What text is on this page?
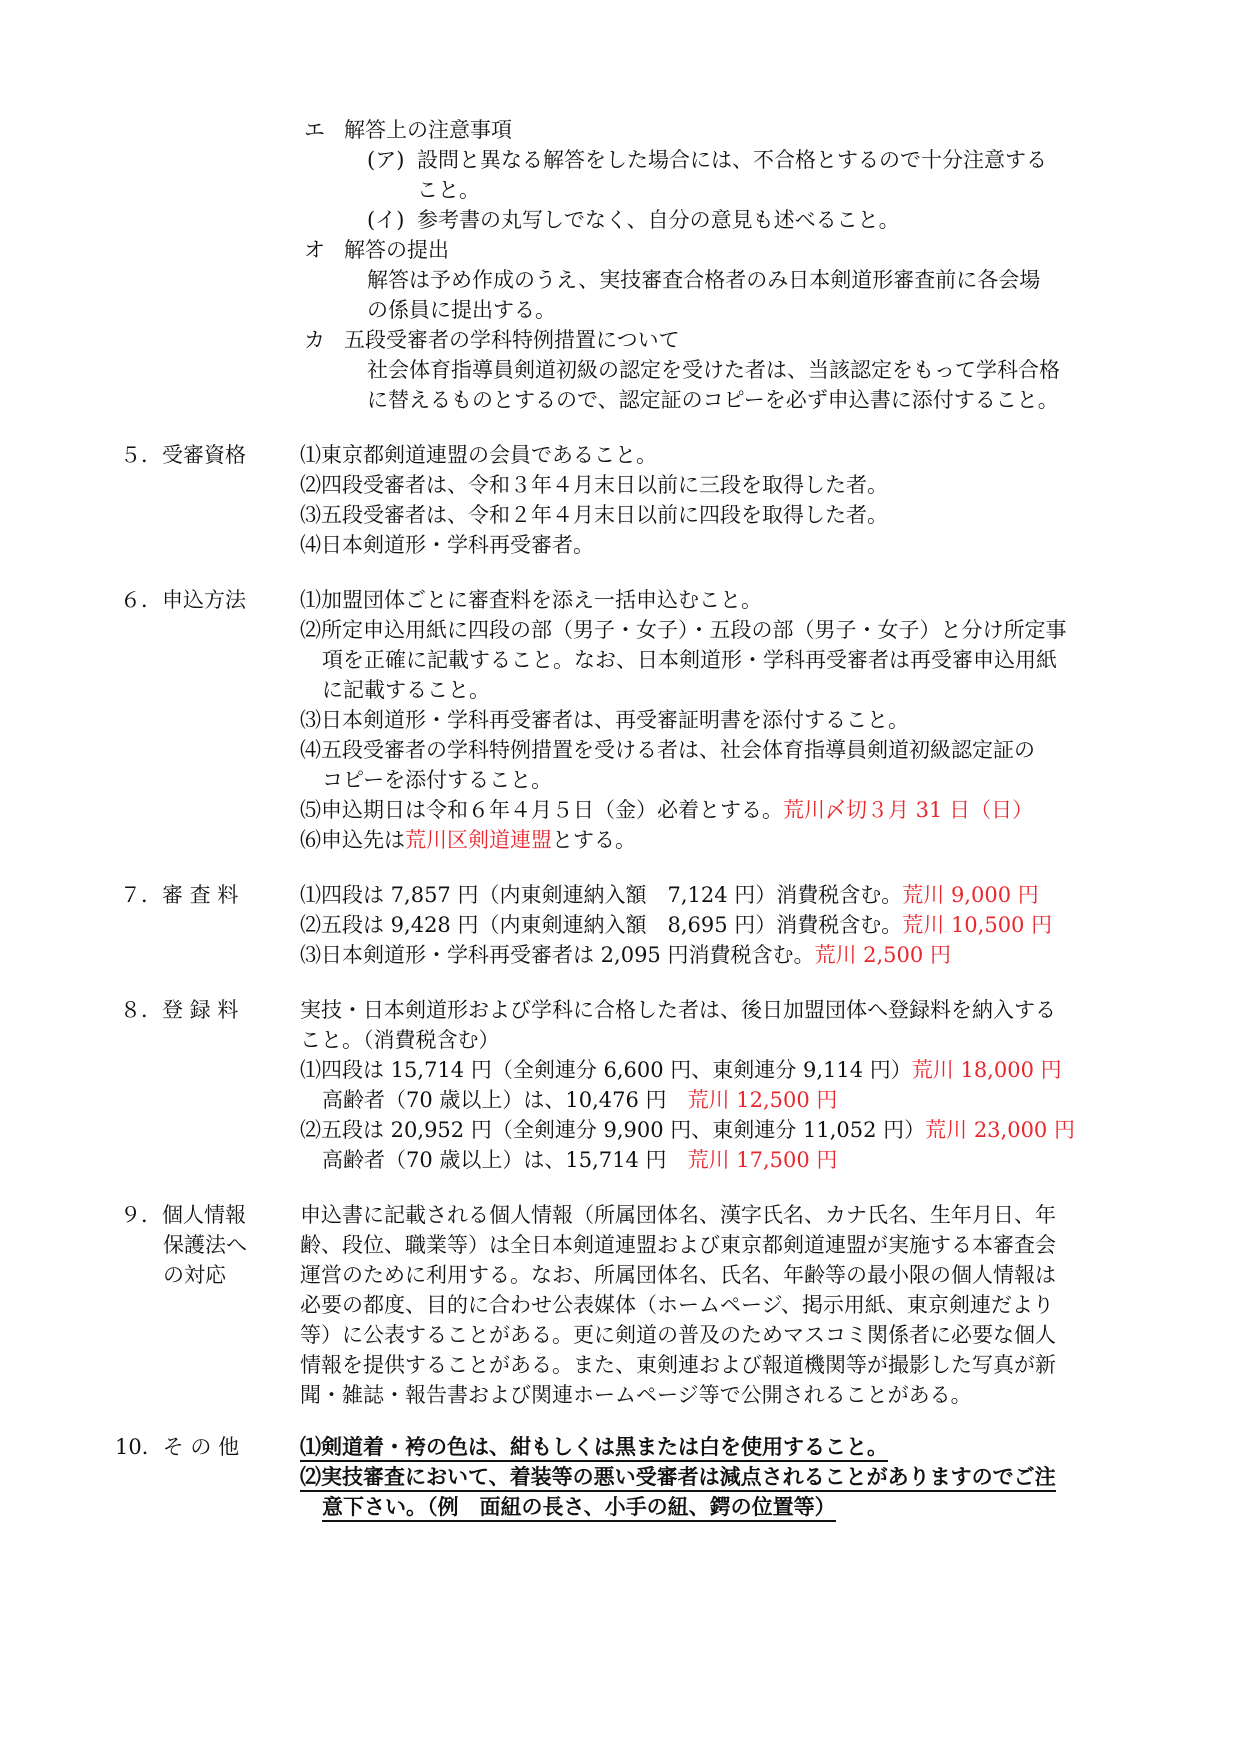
エ 解答上の注意事項
(ア) 設問と異なる解答をした場合には、不合格とするので十分注意する
こと。
(イ) 参考書の丸写しでなく、自分の意見も述べること。
オ 解答の提出
解答は予め作成のうえ、実技審査合格者のみ日本剣道形審査前に各会場
の係員に提出する。
カ 五段受審者の学科特例措置について
社会体育指導員剣道初級の認定を受けた者は、当該認定をもって学科合格
に替えるものとするので、認定証のコピーを必ず申込書に添付すること。
５．受審資格	⑴東京都剣道連盟の会員であること。
⑵四段受審者は、令和３年４月末日以前に三段を取得した者。
⑶五段受審者は、令和２年４月末日以前に四段を取得した者。
⑷日本剣道形・学科再受審者。
６．申込方法	⑴加盟団体ごとに審査料を添え一括申込むこと。
⑵所定申込用紙に四段の部（男子・女子）・五段の部（男子・女子）と分け所定事
項を正確に記載すること。なお、日本剣道形・学科再受審者は再受審申込用紙
に記載すること。
⑶日本剣道形・学科再受審者は、再受審証明書を添付すること。
⑷五段受審者の学科特例措置を受ける者は、社会体育指導員剣道初級認定証の
コピーを添付すること。
⑸申込期日は令和６年４月５日（金）必着とする。荒川〆切３月 31 日（日）
⑹申込先は荒川区剣道連盟とする。
７．審 査 料	⑴四段は 7,857 円（内東剣連納入額　7,124 円）消費税含む。荒川 9,000 円
⑵五段は 9,428 円（内東剣連納入額　8,695 円）消費税含む。荒川 10,500 円
⑶日本剣道形・学科再受審者は 2,095 円消費税含む。荒川 2,500 円
８．登 録 料	実技・日本剣道形および学科に合格した者は、後日加盟団体へ登録料を納入する
こと。（消費税含む）
⑴四段は 15,714 円（全剣連分 6,600 円、東剣連分 9,114 円）荒川 18,000 円
高齢者（70 歳以上）は、10,476 円　荒川 12,500 円
⑵五段は 20,952 円（全剣連分 9,900 円、東剣連分 11,052 円）荒川 23,000 円
高齢者（70 歳以上）は、15,714 円　荒川 17,500 円
９．個人情報
保護法へ
の対応
申込書に記載される個人情報（所属団体名、漢字氏名、カナ氏名、生年月日、年
齢、段位、職業等）は全日本剣道連盟および東京都剣道連盟が実施する本審査会
運営のために利用する。なお、所属団体名、氏名、年齢等の最小限の個人情報は
必要の都度、目的に合わせ公表媒体（ホームページ、掲示用紙、東京剣連だより
等）に公表することがある。更に剣道の普及のためマスコミ関係者に必要な個人
情報を提供することがある。また、東剣連および報道機関等が撮影した写真が新
聞・雑誌・報告書および関連ホームページ等で公開されることがある。
10．そ の 他	⑴剣道着・袴の色は、紺もしくは黒または白を使用すること。
⑵実技審査において、着装等の悪い受審者は減点されることがありますのでご注
意下さい。（例　面紐の長さ、小手の紐、鍔の位置等）
